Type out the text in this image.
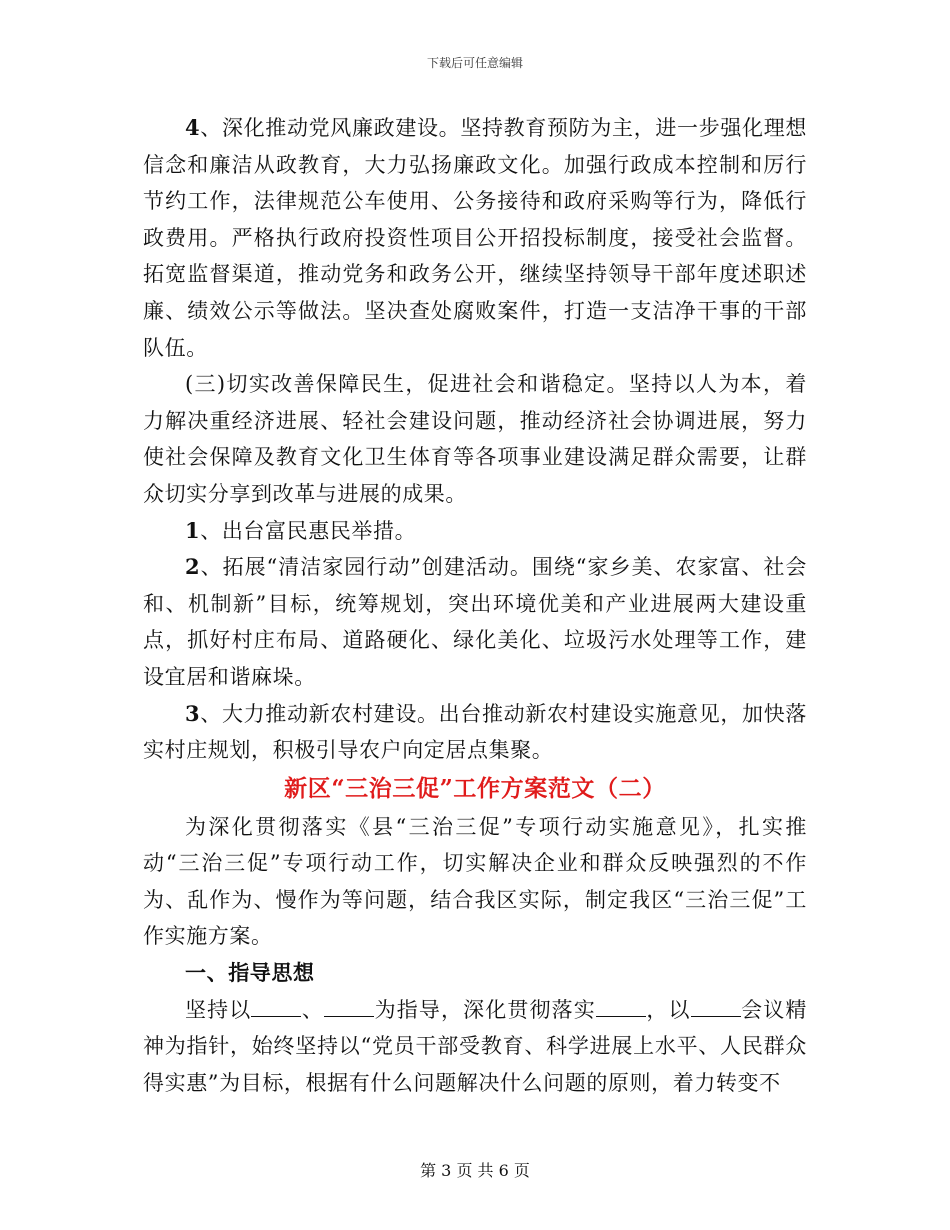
下载后可任意编辑

4、深化推动党风廉政建设。坚持教育预防为主，进一步强化理想信念和廉洁从政教育，大力弘扬廉政文化。加强行政成本控制和厉行节约工作，法律规范公车使用、公务接待和政府采购等行为，降低行政费用。严格执行政府投资性项目公开招投标制度，接受社会监督。拓宽监督渠道，推动党务和政务公开，继续坚持领导干部年度述职述廉、绩效公示等做法。坚决查处腐败案件，打造一支洁净干事的干部队伍。

(三)切实改善保障民生，促进社会和谐稳定。坚持以人为本，着力解决重经济进展、轻社会建设问题，推动经济社会协调进展，努力使社会保障及教育文化卫生体育等各项事业建设满足群众需要，让群众切实分享到改革与进展的成果。

1、出台富民惠民举措。

2、拓展“清洁家园行动”创建活动。围绕“家乡美、农家富、社会和、机制新”目标，统筹规划，突出环境优美和产业进展两大建设重点，抓好村庄布局、道路硬化、绿化美化、垃圾污水处理等工作，建设宜居和谐麻垛。

3、大力推动新农村建设。出台推动新农村建设实施意见，加快落实村庄规划，积极引导农户向定居点集聚。

新区“三治三促”工作方案范文（二）

为深化贯彻落实《县“三治三促”专项行动实施意见》，扎实推动“三治三促”专项行动工作，切实解决企业和群众反映强烈的不作为、乱作为、慢作为等问题，结合我区实际，制定我区“三治三促”工作实施方案。

一、指导思想

坚持以 、 为指导，深化贯彻落实 ，以 会议精神为指针，始终坚持以“党员干部受教育、科学进展上水平、人民群众得实惠”为目标，根据有什么问题解决什么问题的原则，着力转变不

第 3 页 共 6 页
